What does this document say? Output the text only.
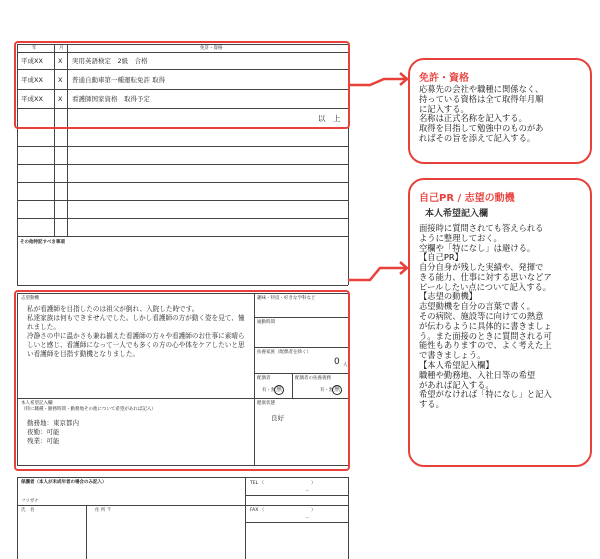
年	月	免許・資格
平成XX X 実用英語検定　2級　合格
平成XX X 普通自動車第一種運転免許 取得
平成XX X 看護師国家資格　取得予定
以　上
その他特記すべき事項
志望動機
私が看護師を目指したのは祖父が倒れ、入院した時です。
私達家族は何もできませんでした。しかし看護師の方が動く姿を見て、憧れました。
冷静さの中に温かさも兼ね揃えた看護師の方々や看護師のお仕事に素晴らしいと感じ、看護師になって一人でも多くの方の心や体をケアしたいと思い看護師を目指す動機となりました。
趣味・特技・好きな学科など
通勤時間
扶養家族（配偶者を除く）
0 人
配偶者	配偶者の扶養義務
有・無 無	有・無 無
本人希望記入欄
（特に職種・勤務時間・勤務地その他について希望があれば記入）
勤務地：東京都内
夜勤：可能
残業：可能
健康状態
良好
保護者（本人が未成年者の場合のみ記入）
フリガナ
氏　名	住 所 〒
TEL （	）
－
FAX （	）
－
免許・資格
応募先の会社や職種に関係なく、
持っている資格は全て取得年月順
に記入する。
名称は正式名称を記入する。
取得を目指して勉強中のものがあ
ればその旨を添えて記入する。
自己PR / 志望の動機
本人希望記入欄
面接時に質問されても答えられる
ように整理しておく。
空欄や「特になし」は避ける。
【自己PR】
自分自身が残した実績や、発揮で
きる能力、仕事に対する思いなどア
ピールしたい点について記入する。
【志望の動機】
志望動機を自分の言葉で書く。
その病院、施設等に向けての熱意
が伝わるように具体的に書きましょ
う。また面接のときに質問される可
能性もありますので、よく考えた上
で書きましょう。
【本人希望記入欄】
職種や勤務地、入社日等の希望
があれば記入する。
希望がなければ「特になし」と記入
する。
